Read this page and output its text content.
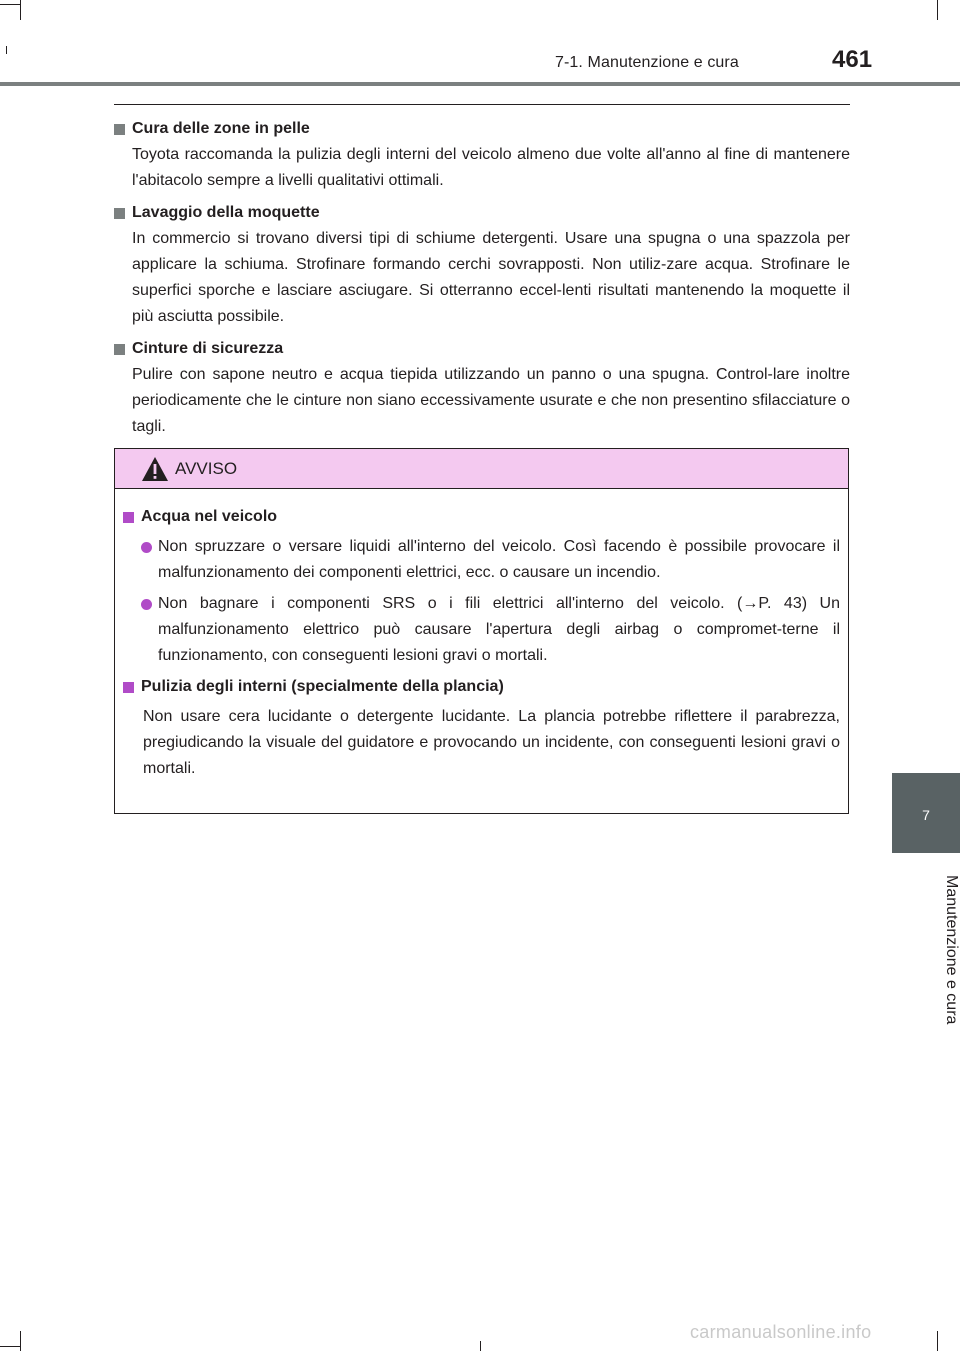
7-1. Manutenzione e cura	461
Cura delle zone in pelle
Toyota raccomanda la pulizia degli interni del veicolo almeno due volte all'anno al fine di mantenere l'abitacolo sempre a livelli qualitativi ottimali.
Lavaggio della moquette
In commercio si trovano diversi tipi di schiume detergenti. Usare una spugna o una spazzola per applicare la schiuma. Strofinare formando cerchi sovrapposti. Non utiliz-zare acqua. Strofinare le superfici sporche e lasciare asciugare. Si otterranno eccel-lenti risultati mantenendo la moquette il più asciutta possibile.
Cinture di sicurezza
Pulire con sapone neutro e acqua tiepida utilizzando un panno o una spugna. Control-lare inoltre periodicamente che le cinture non siano eccessivamente usurate e che non presentino sfilacciature o tagli.
AVVISO
Acqua nel veicolo
Non spruzzare o versare liquidi all'interno del veicolo. Così facendo è possibile provocare il malfunzionamento dei componenti elettrici, ecc. o causare un incendio.
Non bagnare i componenti SRS o i fili elettrici all'interno del veicolo. (→P. 43) Un malfunzionamento elettrico può causare l'apertura degli airbag o compromet-terne il funzionamento, con conseguenti lesioni gravi o mortali.
Pulizia degli interni (specialmente della plancia)
Non usare cera lucidante o detergente lucidante. La plancia potrebbe riflettere il parabrezza, pregiudicando la visuale del guidatore e provocando un incidente, con conseguenti lesioni gravi o mortali.
7
Manutenzione e cura
carmanualsonline.info
